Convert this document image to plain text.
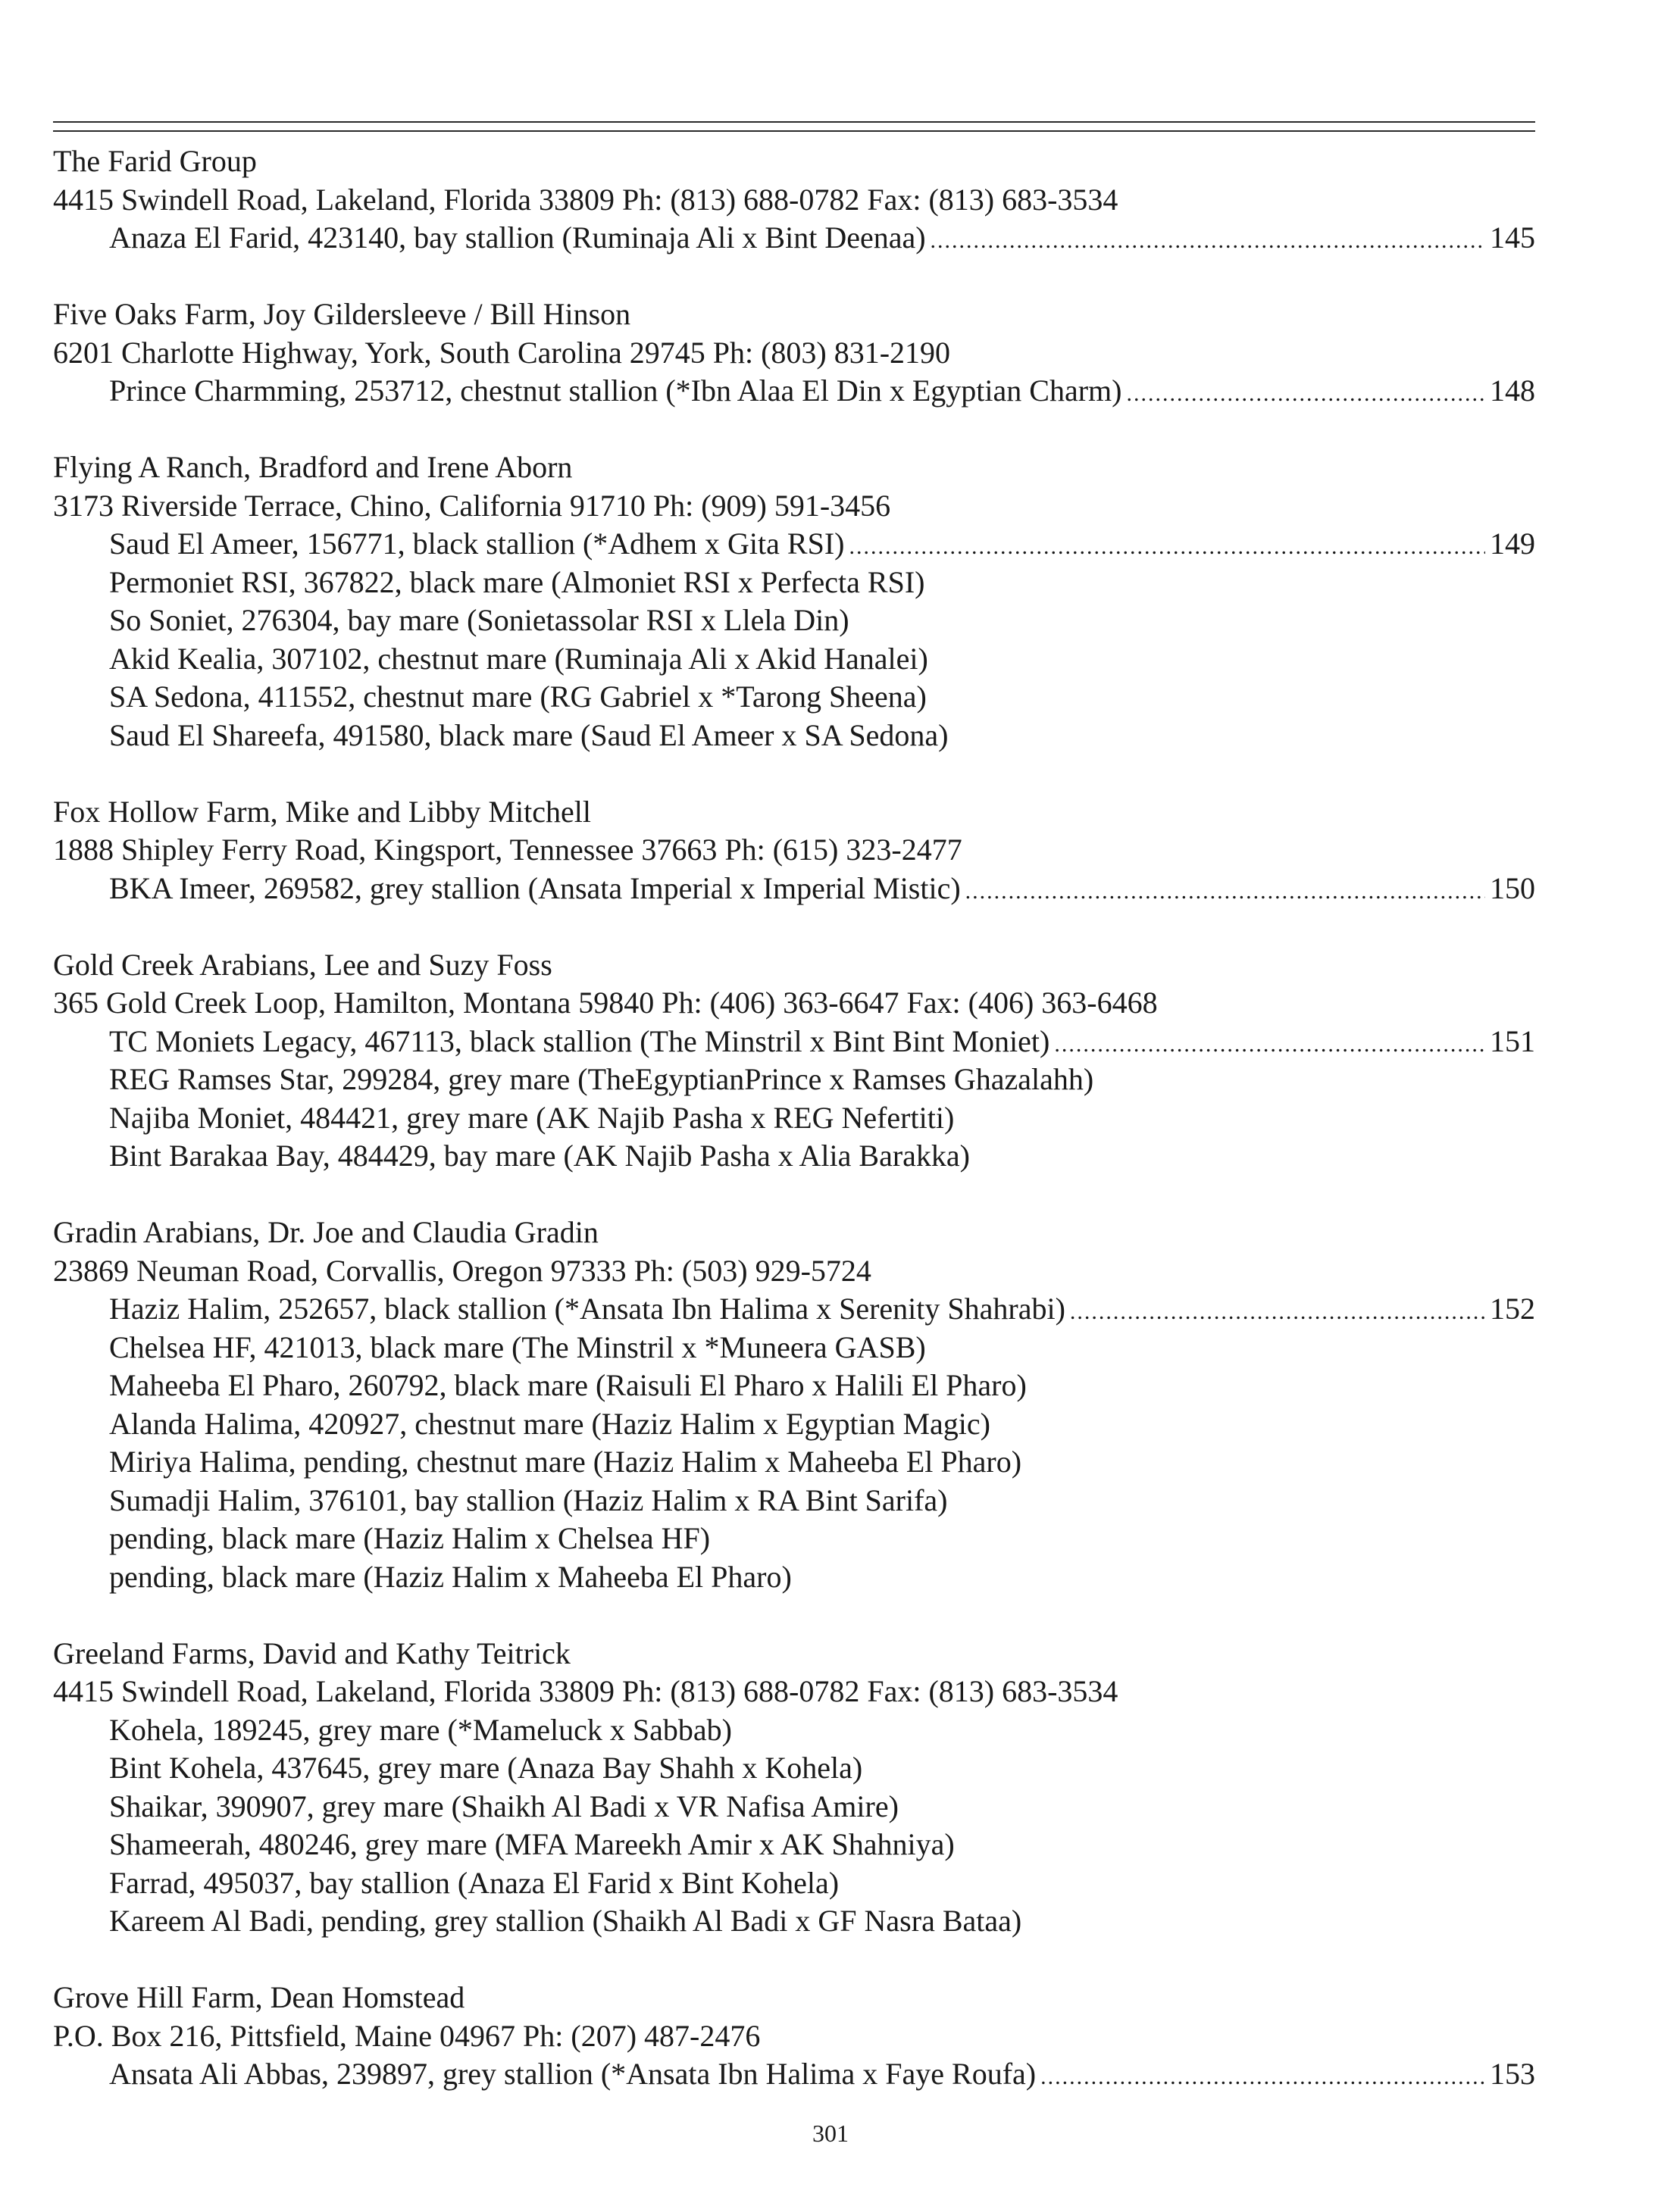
The Farid Group
4415 Swindell Road, Lakeland, Florida 33809 Ph: (813) 688-0782 Fax: (813) 683-3534
Anaza El Farid, 423140, bay stallion (Ruminaja Ali x Bint Deenaa) .....	145
Five Oaks Farm, Joy Gildersleeve / Bill Hinson
6201 Charlotte Highway, York, South Carolina 29745 Ph: (803) 831-2190
Prince Charmming, 253712, chestnut stallion (*Ibn Alaa El Din x Egyptian Charm) .....	148
Flying A Ranch, Bradford and Irene Aborn
3173 Riverside Terrace, Chino, California 91710 Ph: (909) 591-3456
Saud El Ameer, 156771, black stallion (*Adhem x Gita RSI) .....	149
Permoniet RSI, 367822, black mare (Almoniet RSI x Perfecta RSI)
So Soniet, 276304, bay mare (Sonietassolar RSI x Llela Din)
Akid Kealia, 307102, chestnut mare (Ruminaja Ali x Akid Hanalei)
SA Sedona, 411552, chestnut mare (RG Gabriel x *Tarong Sheena)
Saud El Shareefa, 491580, black mare (Saud El Ameer x SA Sedona)
Fox Hollow Farm, Mike and Libby Mitchell
1888 Shipley Ferry Road, Kingsport, Tennessee 37663 Ph: (615) 323-2477
BKA Imeer, 269582, grey stallion (Ansata Imperial x Imperial Mistic) .....	150
Gold Creek Arabians, Lee and Suzy Foss
365 Gold Creek Loop, Hamilton, Montana 59840 Ph: (406) 363-6647 Fax: (406) 363-6468
TC Moniets Legacy, 467113, black stallion (The Minstril x Bint Bint Moniet) .....	151
REG Ramses Star, 299284, grey mare (TheEgyptianPrince x Ramses Ghazalahh)
Najiba Moniet, 484421, grey mare (AK Najib Pasha x REG Nefertiti)
Bint Barakaa Bay, 484429, bay mare (AK Najib Pasha x Alia Barakka)
Gradin Arabians, Dr. Joe and Claudia Gradin
23869 Neuman Road, Corvallis, Oregon 97333 Ph: (503) 929-5724
Haziz Halim, 252657, black stallion (*Ansata Ibn Halima x Serenity Shahrabi) .....	152
Chelsea HF, 421013, black mare (The Minstril x *Muneera GASB)
Maheeba El Pharo, 260792, black mare (Raisuli El Pharo x Halili El Pharo)
Alanda Halima, 420927, chestnut mare (Haziz Halim x Egyptian Magic)
Miriya Halima, pending, chestnut mare (Haziz Halim x Maheeba El Pharo)
Sumadji Halim, 376101, bay stallion (Haziz Halim x RA Bint Sarifa)
pending, black mare (Haziz Halim x Chelsea HF)
pending, black mare (Haziz Halim x Maheeba El Pharo)
Greeland Farms, David and Kathy Teitrick
4415 Swindell Road, Lakeland, Florida 33809 Ph: (813) 688-0782 Fax: (813) 683-3534
Kohela, 189245, grey mare (*Mameluck x Sabbab)
Bint Kohela, 437645, grey mare (Anaza Bay Shahh x Kohela)
Shaikar, 390907, grey mare (Shaikh Al Badi x VR Nafisa Amire)
Shameerah, 480246, grey mare (MFA Mareekh Amir x AK Shahniya)
Farrad, 495037, bay stallion (Anaza El Farid x Bint Kohela)
Kareem Al Badi, pending, grey stallion (Shaikh Al Badi x GF Nasra Bataa)
Grove Hill Farm, Dean Homstead
P.O. Box 216, Pittsfield, Maine 04967 Ph: (207) 487-2476
Ansata Ali Abbas, 239897, grey stallion (*Ansata Ibn Halima x Faye Roufa) .....	153
301
